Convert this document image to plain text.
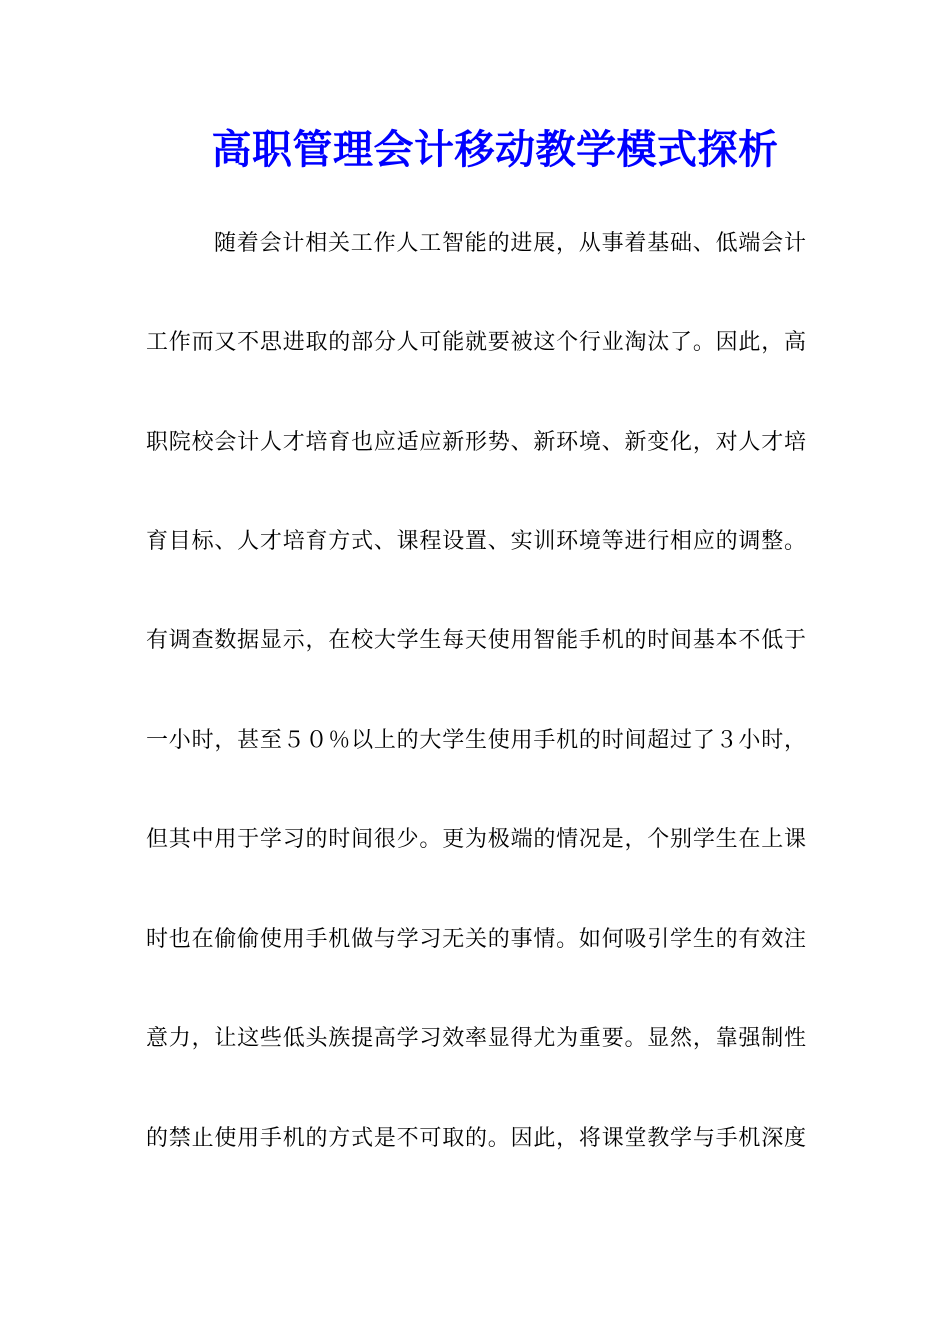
高职管理会计移动教学模式探析
随着会计相关工作人工智能的进展，从事着基础、低端会计
工作而又不思进取的部分人可能就要被这个行业淘汰了。因此，高
职院校会计人才培育也应适应新形势、新环境、新变化，对人才培
育目标、人才培育方式、课程设置、实训环境等进行相应的调整。
有调查数据显示，在校大学生每天使用智能手机的时间基本不低于
一小时，甚至５０％以上的大学生使用手机的时间超过了３小时，
但其中用于学习的时间很少。更为极端的情况是，个别学生在上课
时也在偷偷使用手机做与学习无关的事情。如何吸引学生的有效注
意力，让这些低头族提高学习效率显得尤为重要。显然，靠强制性
的禁止使用手机的方式是不可取的。因此，将课堂教学与手机深度
